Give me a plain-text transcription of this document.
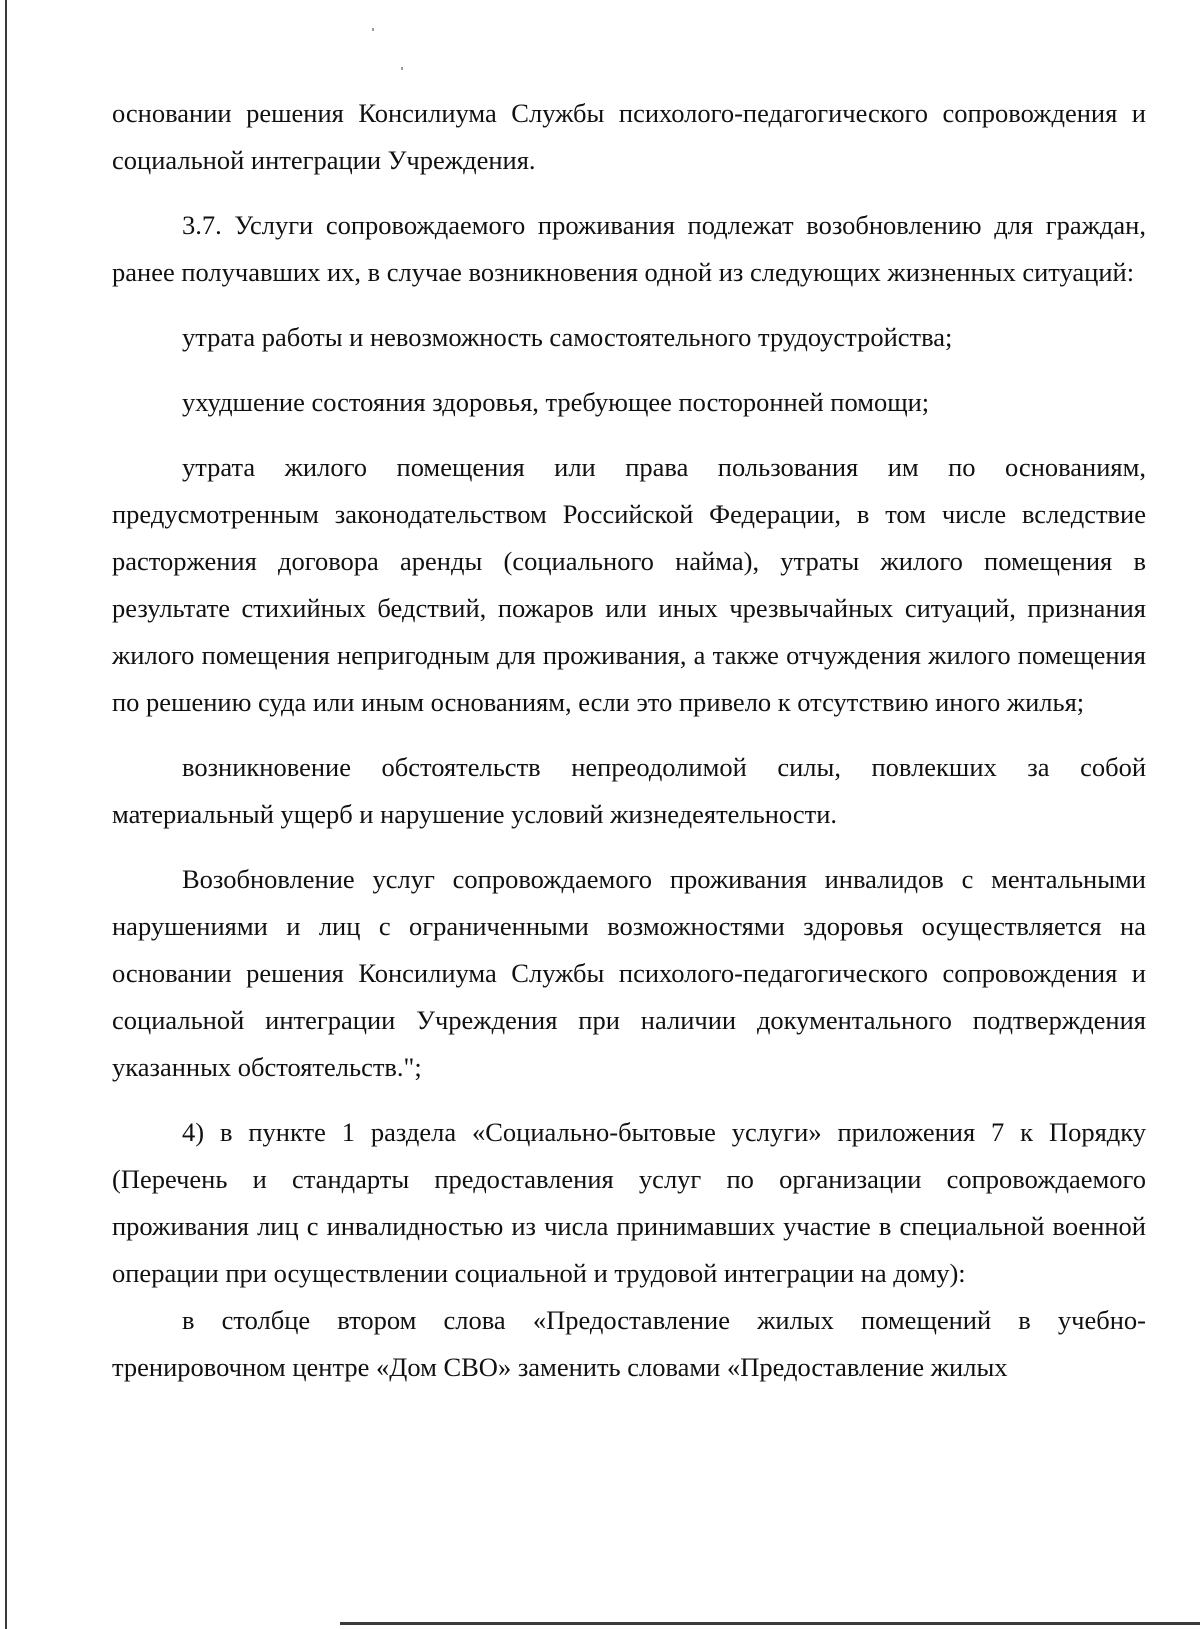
основании решения Консилиума Службы психолого-педагогического сопровождения и социальной интеграции Учреждения.

3.7. Услуги сопровождаемого проживания подлежат возобновлению для граждан, ранее получавших их, в случае возникновения одной из следующих жизненных ситуаций:

утрата работы и невозможность самостоятельного трудоустройства;

ухудшение состояния здоровья, требующее посторонней помощи;

утрата жилого помещения или права пользования им по основаниям, предусмотренным законодательством Российской Федерации, в том числе вследствие расторжения договора аренды (социального найма), утраты жилого помещения в результате стихийных бедствий, пожаров или иных чрезвычайных ситуаций, признания жилого помещения непригодным для проживания, а также отчуждения жилого помещения по решению суда или иным основаниям, если это привело к отсутствию иного жилья;

возникновение обстоятельств непреодолимой силы, повлекших за собой материальный ущерб и нарушение условий жизнедеятельности.

Возобновление услуг сопровождаемого проживания инвалидов с ментальными нарушениями и лиц с ограниченными возможностями здоровья осуществляется на основании решения Консилиума Службы психолого-педагогического сопровождения и социальной интеграции Учреждения при наличии документального подтверждения указанных обстоятельств.";

4) в пункте 1 раздела «Социально-бытовые услуги» приложения 7 к Порядку (Перечень и стандарты предоставления услуг по организации сопровождаемого проживания лиц с инвалидностью из числа принимавших участие в специальной военной операции при осуществлении социальной и трудовой интеграции на дому):

в столбце втором слова «Предоставление жилых помещений в учебно-тренировочном центре «Дом СВО» заменить словами «Предоставление жилых
